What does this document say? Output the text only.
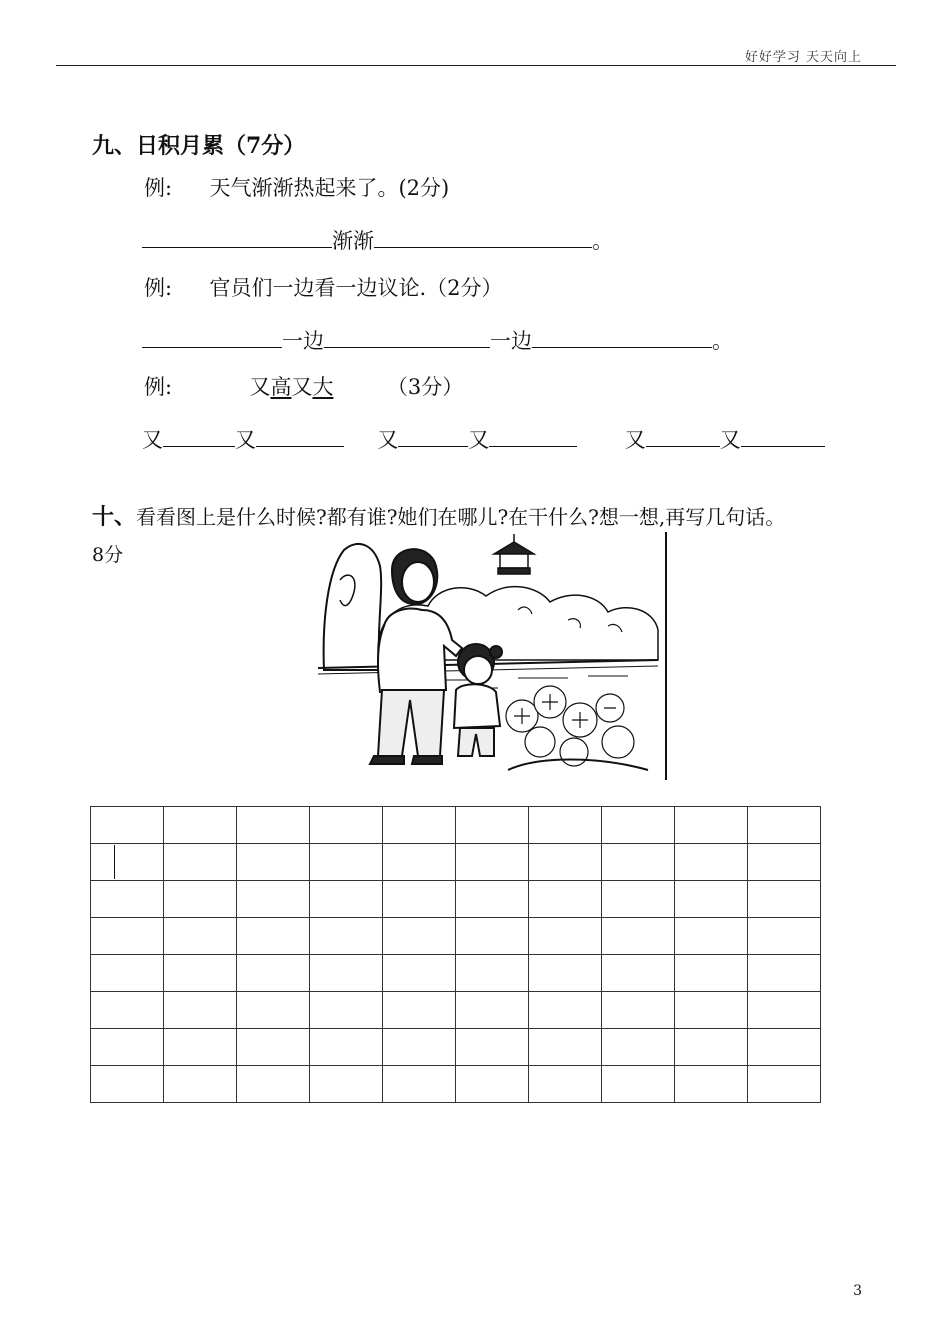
好好学习 天天向上
九、日积月累（7分）
例: 天气渐渐热起来了。(2分)
渐渐	。
例: 官员们一边看一边议论.（2分）
一边	一边	。
例:	又高又大	（3分）
又	又	又	又	又	又
十、看看图上是什么时候?都有谁?她们在哪儿?在干什么?想一想,再写几句话。
8分

3
